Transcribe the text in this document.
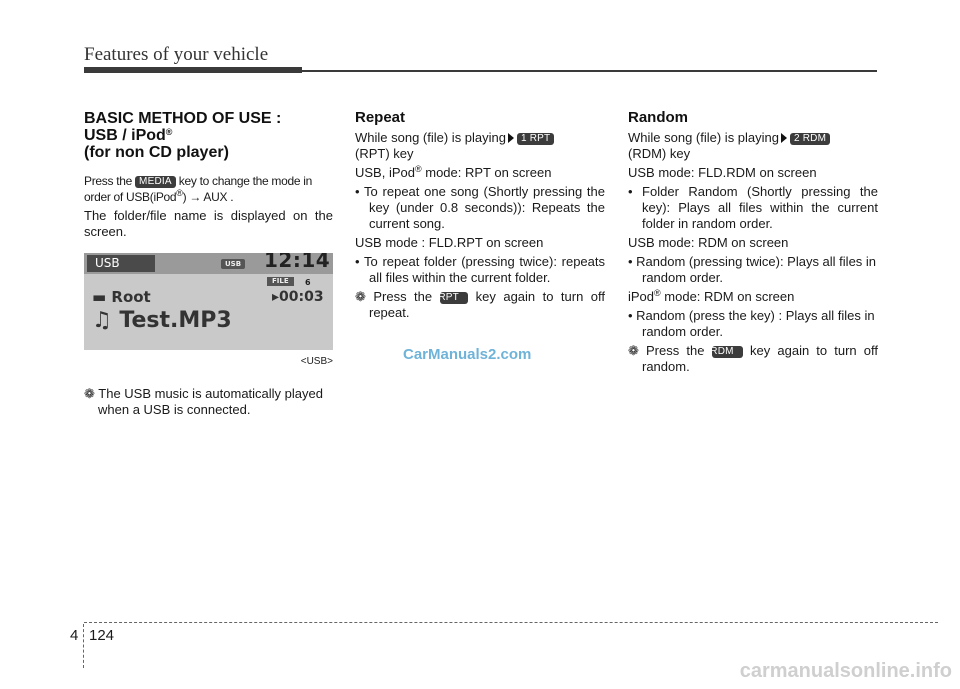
Features of your vehicle
BASIC METHOD OF USE :
USB / iPod®
(for non CD player)

Press the MEDIA key to change the mode in order of USB(iPod®) → AUX .

The folder/file name is displayed on the screen.

USB	USB 12:14
FILE	6
▬ Root	▸00:03
♫ Test.MP3
<USB>

❁ The USB music is automatically played when a USB is connected.

Repeat

While song (file) is playing 1 RPT
(RPT) key

USB, iPod® mode: RPT on screen

• To repeat one song (Shortly pressing the key (under 0.8 seconds)): Repeats the current song.

USB mode : FLD.RPT on screen

• To repeat folder (pressing twice): repeats all files within the current folder.

❁ Press the 1 RPT key again to turn off repeat.

Random

While song (file) is playing 2 RDM
(RDM) key

USB mode: FLD.RDM on screen

• Folder Random (Shortly pressing the key): Plays all files within the current folder in random order.

USB mode: RDM on screen

• Random (pressing twice): Plays all files in random order.

iPod® mode: RDM on screen

• Random (press the key) : Plays all files in random order.

❁ Press the 2 RDM key again to turn off random.

CarManuals2.com
4 124
carmanualsonline.info
